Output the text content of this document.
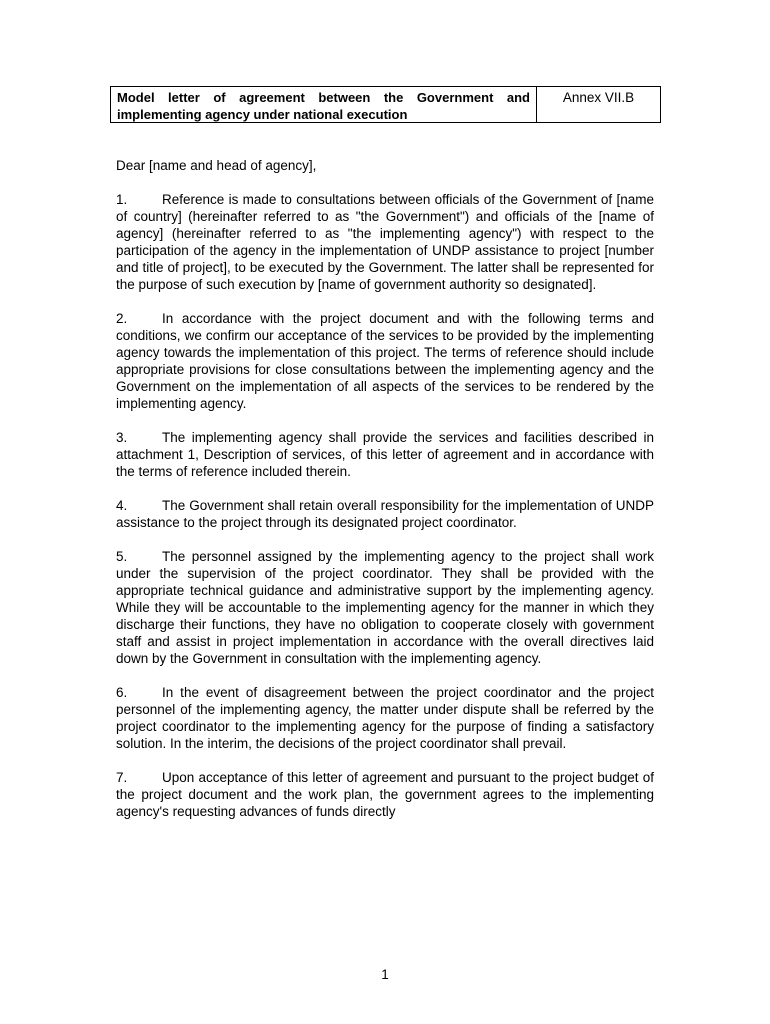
Model letter of agreement between the Government and implementing agency under national execution
Annex VII.B

Dear [name and head of agency],

1.	Reference is made to consultations between officials of the Government of [name of country] (hereinafter referred to as "the Government") and officials of the [name of agency] (hereinafter referred to as "the implementing agency") with respect to the participation of the agency in the implementation of UNDP assistance to project [number and title of project], to be executed by the Government. The latter shall be represented for the purpose of such execution by [name of government authority so designated].

2.	In accordance with the project document and with the following terms and conditions, we confirm our acceptance of the services to be provided by the implementing agency towards the implementation of this project. The terms of reference should include appropriate provisions for close consultations between the implementing agency and the Government on the implementation of all aspects of the services to be rendered by the implementing agency.

3.	The implementing agency shall provide the services and facilities described in attachment 1, Description of services, of this letter of agreement and in accordance with the terms of reference included therein.

4.	The Government shall retain overall responsibility for the implementation of UNDP assistance to the project through its designated project coordinator.

5.	The personnel assigned by the implementing agency to the project shall work under the supervision of the project coordinator. They shall be provided with the appropriate technical guidance and administrative support by the implementing agency. While they will be accountable to the implementing agency for the manner in which they discharge their functions, they have no obligation to cooperate closely with government staff and assist in project implementation in accordance with the overall directives laid down by the Government in consultation with the implementing agency.

6.	In the event of disagreement between the project coordinator and the project personnel of the implementing agency, the matter under dispute shall be referred by the project coordinator to the implementing agency for the purpose of finding a satisfactory solution. In the interim, the decisions of the project coordinator shall prevail.

7.	Upon acceptance of this letter of agreement and pursuant to the project budget of the project document and the work plan, the government agrees to the implementing agency's requesting advances of funds directly

1
